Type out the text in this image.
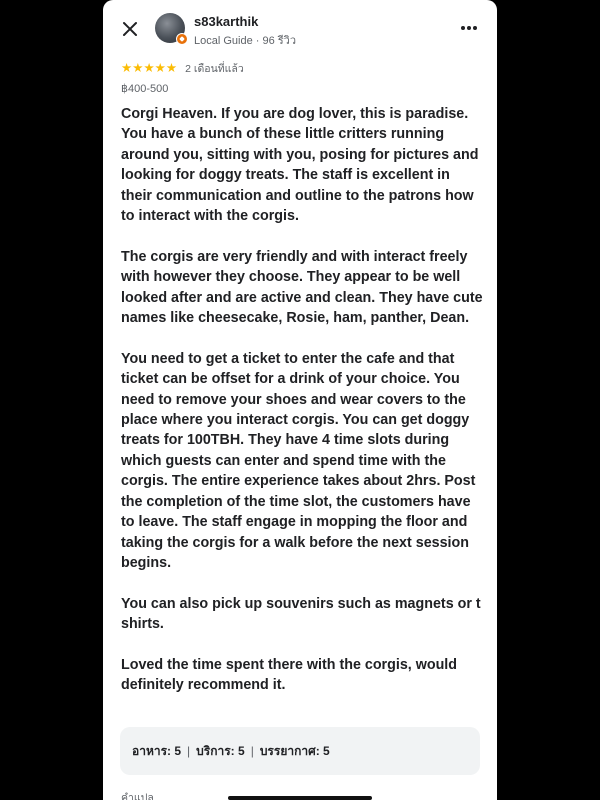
s83karthik
Local Guide · 96 รีวิว
★ ★ ★ ★ ★ 2 เดือนที่แล้ว
฿400-500

Corgi Heaven. If you are dog lover, this is paradise. You have a bunch of these little critters running around you, sitting with you, posing for pictures and looking for doggy treats. The staff is excellent in their communication and outline to the patrons how to interact with the corgis.

The corgis are very friendly and with interact freely with however they choose. They appear to be well looked after and are active and clean. They have cute names like cheesecake, Rosie, ham, panther, Dean.

You need to get a ticket to enter the cafe and that ticket can be offset for a drink of your choice. You need to remove your shoes and wear covers to the place where you interact corgis. You can get doggy treats for 100TBH. They have 4 time slots during which guests can enter and spend time with the corgis. The entire experience takes about 2hrs. Post the completion of the time slot, the customers have to leave. The staff engage in mopping the floor and taking the corgis for a walk before the next session begins.

You can also pick up souvenirs such as magnets or t shirts.

Loved the time spent there with the corgis, would definitely recommend it.

อาหาร: 5 | บริการ: 5 | บรรยากาศ: 5
คำแปล
